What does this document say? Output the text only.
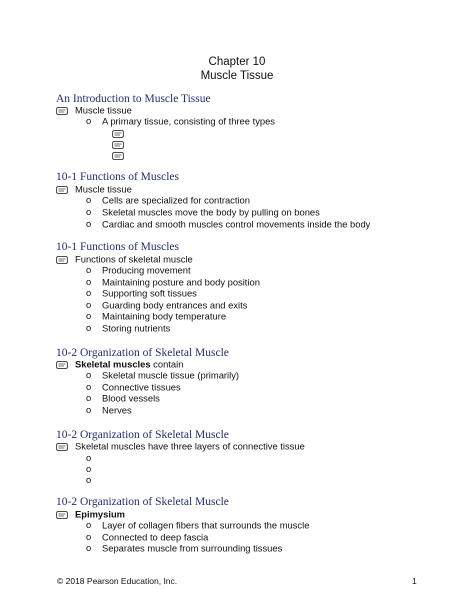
Chapter 10
Muscle Tissue
An Introduction to Muscle Tissue
Muscle tissue
o A primary tissue, consisting of three types
10-1 Functions of Muscles
Muscle tissue
o Cells are specialized for contraction
o Skeletal muscles move the body by pulling on bones
o Cardiac and smooth muscles control movements inside the body
10-1 Functions of Muscles
Functions of skeletal muscle
o Producing movement
o Maintaining posture and body position
o Supporting soft tissues
o Guarding body entrances and exits
o Maintaining body temperature
o Storing nutrients
10-2 Organization of Skeletal Muscle
Skeletal muscles contain
o Skeletal muscle tissue (primarily)
o Connective tissues
o Blood vessels
o Nerves
10-2 Organization of Skeletal Muscle
Skeletal muscles have three layers of connective tissue
o
o
o
10-2 Organization of Skeletal Muscle
Epimysium
o Layer of collagen fibers that surrounds the muscle
o Connected to deep fascia
o Separates muscle from surrounding tissues
© 2018 Pearson Education, Inc.	1
